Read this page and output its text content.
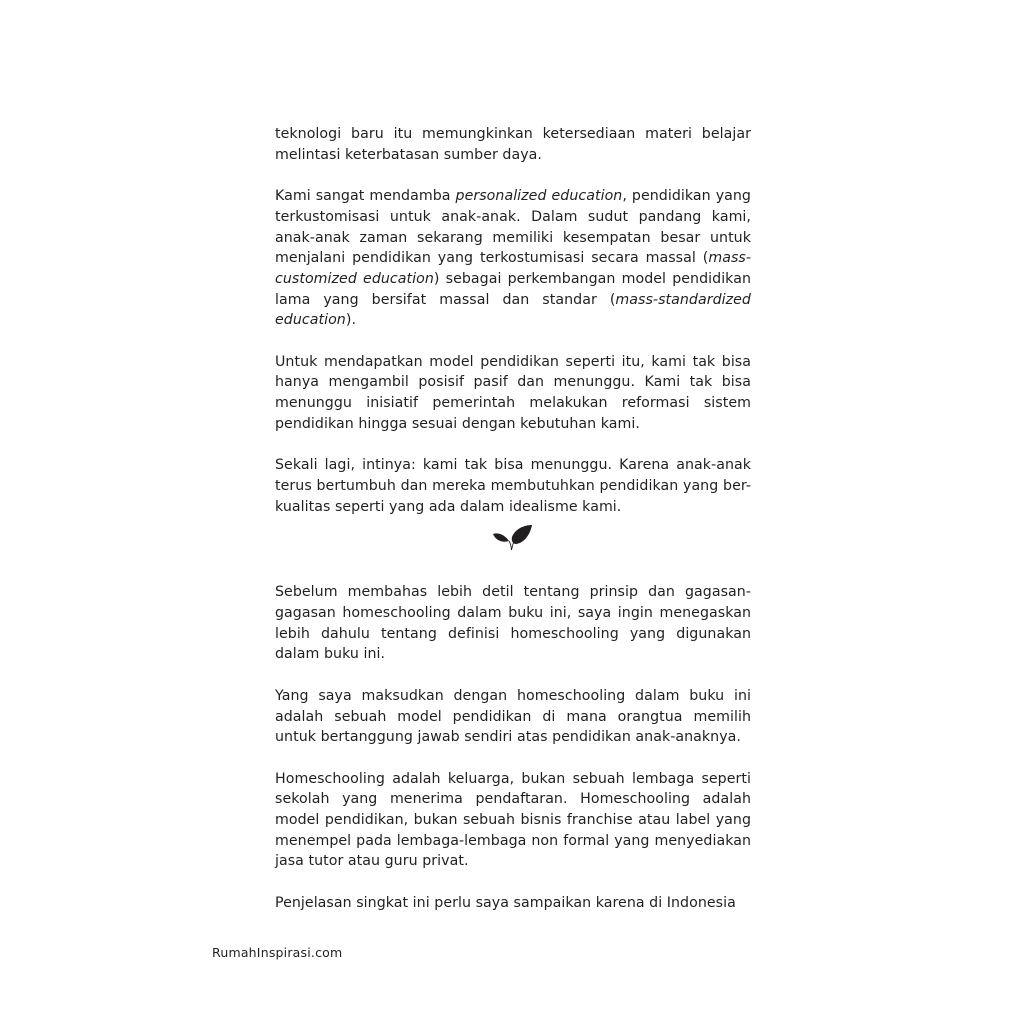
teknologi baru itu memungkinkan ketersediaan materi belajar melintasi keterbatasan sumber daya.

Kami sangat mendamba personalized education, pendidikan yang terkustomisasi untuk anak-anak. Dalam sudut pandang kami, anak-anak zaman sekarang memiliki kesempatan besar untuk menjalani pendidikan yang terkostumisasi secara massal (mass-customized education) sebagai perkembangan model pendidikan lama yang bersifat massal dan standar (mass-standardized education).

Untuk mendapatkan model pendidikan seperti itu, kami tak bisa hanya mengambil posisif pasif dan menunggu. Kami tak bisa menunggu inisiatif pemerintah melakukan reformasi sistem pendidikan hingga sesuai dengan kebutuhan kami.

Sekali lagi, intinya: kami tak bisa menunggu. Karena anak-anak terus bertumbuh dan mereka membutuhkan pendidikan yang ber-kualitas seperti yang ada dalam idealisme kami.

Sebelum membahas lebih detil tentang prinsip dan gagasan-gagasan homeschooling dalam buku ini, saya ingin menegaskan lebih dahulu tentang definisi homeschooling yang digunakan dalam buku ini.

Yang saya maksudkan dengan homeschooling dalam buku ini adalah sebuah model pendidikan di mana orangtua memilih untuk bertanggung jawab sendiri atas pendidikan anak-anaknya.

Homeschooling adalah keluarga, bukan sebuah lembaga seperti sekolah yang menerima pendaftaran. Homeschooling adalah model pendidikan, bukan sebuah bisnis franchise atau label yang menempel pada lembaga-lembaga non formal yang menyediakan jasa tutor atau guru privat.

Penjelasan singkat ini perlu saya sampaikan karena di Indonesia

RumahInspirasi.com
